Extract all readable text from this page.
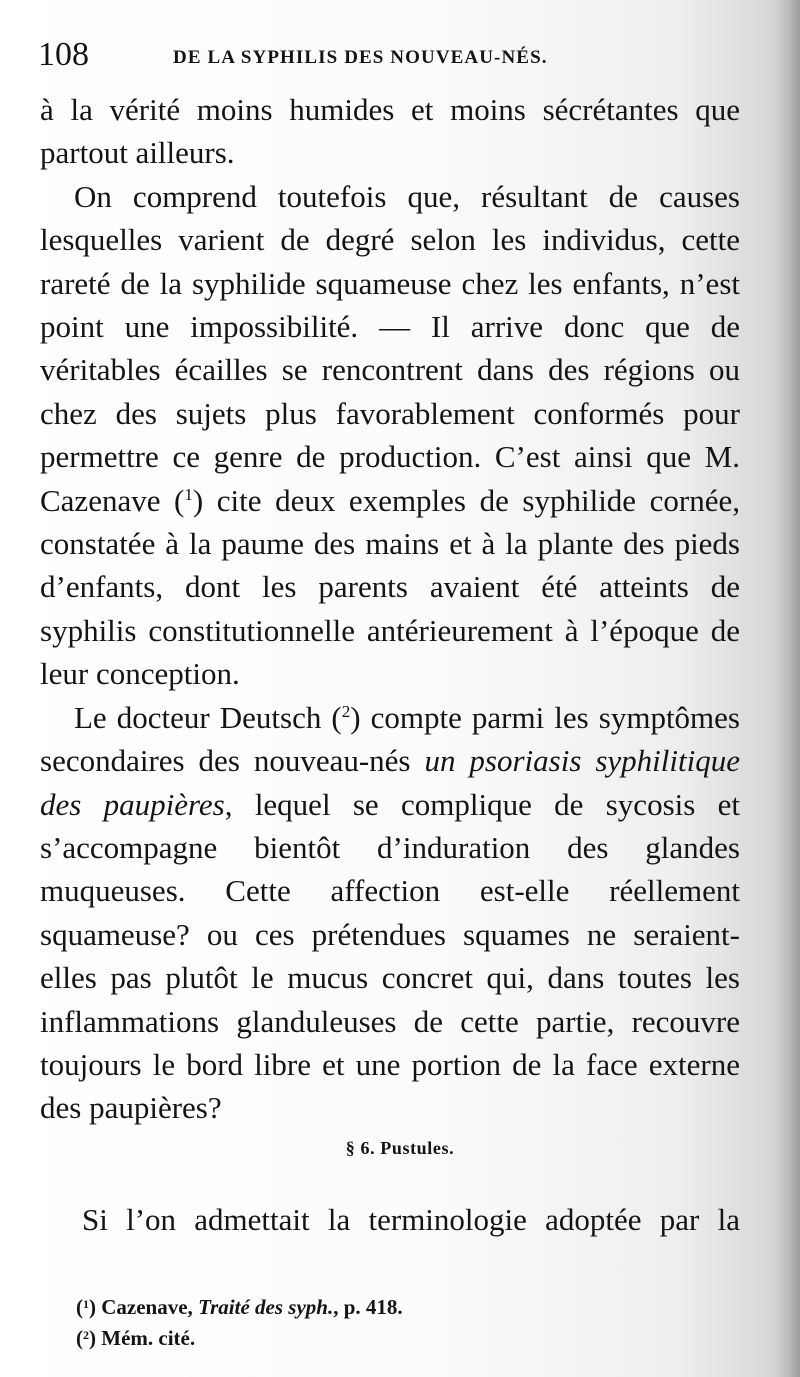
108	DE LA SYPHILIS DES NOUVEAU-NÉS.

à la vérité moins humides et moins sécrétantes que partout ailleurs.

On comprend toutefois que, résultant de causes lesquelles varient de degré selon les individus, cette rareté de la syphilide squameuse chez les enfants, n’est point une impossibilité. — Il arrive donc que de véritables écailles se rencontrent dans des régions ou chez des sujets plus favorablement conformés pour permettre ce genre de production. C’est ainsi que M. Cazenave ($^1$) cite deux exemples de syphilide cornée, constatée à la paume des mains et à la plante des pieds d’enfants, dont les parents avaient été atteints de syphilis constitutionnelle antérieurement à l’époque de leur conception.

Le docteur Deutsch ($^2$) compte parmi les symptômes secondaires des nouveau-nés un psoriasis syphilitique des paupières, lequel se complique de sycosis et s’accompagne bientôt d’induration des glandes muqueuses. Cette affection est-elle réellement squameuse? ou ces prétendues squames ne seraient-elles pas plutôt le mucus concret qui, dans toutes les inflammations glanduleuses de cette partie, recouvre toujours le bord libre et une portion de la face externe des paupières?

§ 6. Pustules.

Si l’on admettait la terminologie adoptée par la

($^1$) Cazenave, Traité des syph., p. 418.
($^2$) Mém. cité.
